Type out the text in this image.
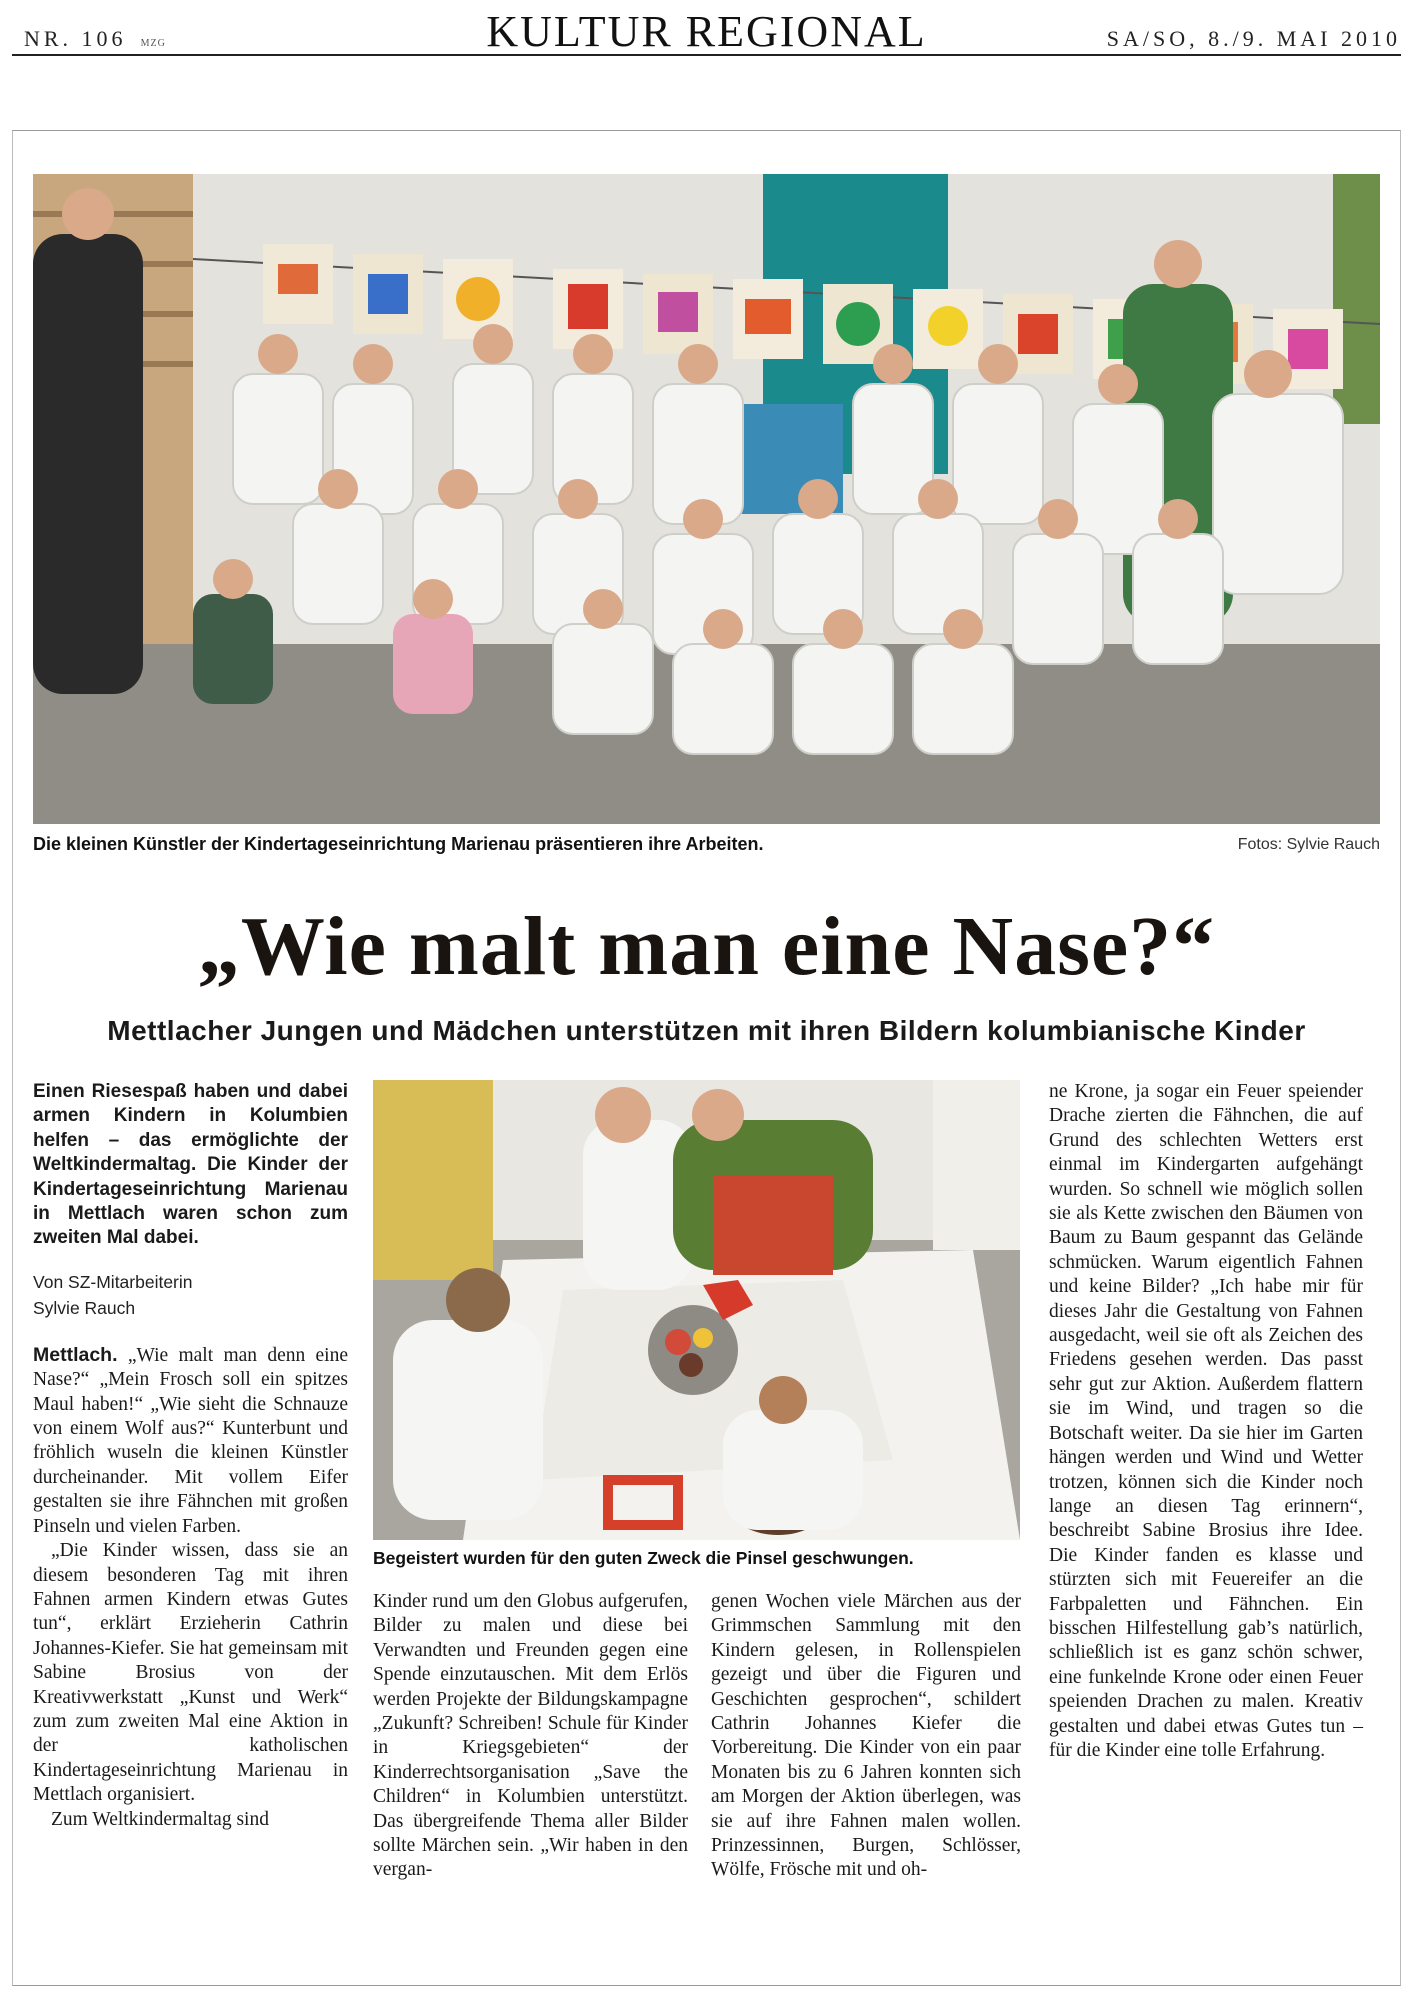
NR. 106 MZG	KULTUR REGIONAL	SA/SO, 8./9. MAI 2010
Die kleinen Künstler der Kindertageseinrichtung Marienau präsentieren ihre Arbeiten.	Fotos: Sylvie Rauch
„Wie malt man eine Nase?“
Mettlacher Jungen und Mädchen unterstützen mit ihren Bildern kolumbianische Kinder

Einen Riesespaß haben und dabei armen Kindern in Kolumbien helfen – das ermöglichte der Weltkindermaltag. Die Kinder der Kindertageseinrichtung Marienau in Mettlach waren schon zum zweiten Mal dabei.

Von SZ-Mitarbeiterin
Sylvie Rauch

Mettlach. „Wie malt man denn eine Nase?“ „Mein Frosch soll ein spitzes Maul haben!“ „Wie sieht die Schnauze von einem Wolf aus?“ Kunterbunt und fröhlich wuseln die kleinen Künstler durcheinander. Mit vollem Eifer gestalten sie ihre Fähnchen mit großen Pinseln und vielen Farben.

„Die Kinder wissen, dass sie an diesem besonderen Tag mit ihren Fahnen armen Kindern etwas Gutes tun“, erklärt Erzieherin Cathrin Johannes-Kiefer. Sie hat gemeinsam mit Sabine Brosius von der Kreativwerkstatt „Kunst und Werk“ zum zum zweiten Mal eine Aktion in der katholischen Kindertageseinrichtung Marienau in Mettlach organisiert.

Zum Weltkindermaltag sind

Begeistert wurden für den guten Zweck die Pinsel geschwungen.

Kinder rund um den Globus aufgerufen, Bilder zu malen und diese bei Verwandten und Freunden gegen eine Spende einzutauschen. Mit dem Erlös werden Projekte der Bildungskampagne „Zukunft? Schreiben! Schule für Kinder in Kriegsgebieten“ der Kinderrechtsorganisation „Save the Children“ in Kolumbien unterstützt. Das übergreifende Thema aller Bilder sollte Märchen sein. „Wir haben in den vergan-

genen Wochen viele Märchen aus der Grimmschen Sammlung mit den Kindern gelesen, in Rollenspielen gezeigt und über die Figuren und Geschichten gesprochen“, schildert Cathrin Johannes Kiefer die Vorbereitung. Die Kinder von ein paar Monaten bis zu 6 Jahren konnten sich am Morgen der Aktion überlegen, was sie auf ihre Fahnen malen wollen. Prinzessinnen, Burgen, Schlösser, Wölfe, Frösche mit und oh-

ne Krone, ja sogar ein Feuer speiender Drache zierten die Fähnchen, die auf Grund des schlechten Wetters erst einmal im Kindergarten aufgehängt wurden. So schnell wie möglich sollen sie als Kette zwischen den Bäumen von Baum zu Baum gespannt das Gelände schmücken. Warum eigentlich Fahnen und keine Bilder? „Ich habe mir für dieses Jahr die Gestaltung von Fahnen ausgedacht, weil sie oft als Zeichen des Friedens gesehen werden. Das passt sehr gut zur Aktion. Außerdem flattern sie im Wind, und tragen so die Botschaft weiter. Da sie hier im Garten hängen werden und Wind und Wetter trotzen, können sich die Kinder noch lange an diesen Tag erinnern“, beschreibt Sabine Brosius ihre Idee. Die Kinder fanden es klasse und stürzten sich mit Feuereifer an die Farbpaletten und Fähnchen. Ein bisschen Hilfestellung gab’s natürlich, schließlich ist es ganz schön schwer, eine funkelnde Krone oder einen Feuer speienden Drachen zu malen. Kreativ gestalten und dabei etwas Gutes tun – für die Kinder eine tolle Erfahrung.
